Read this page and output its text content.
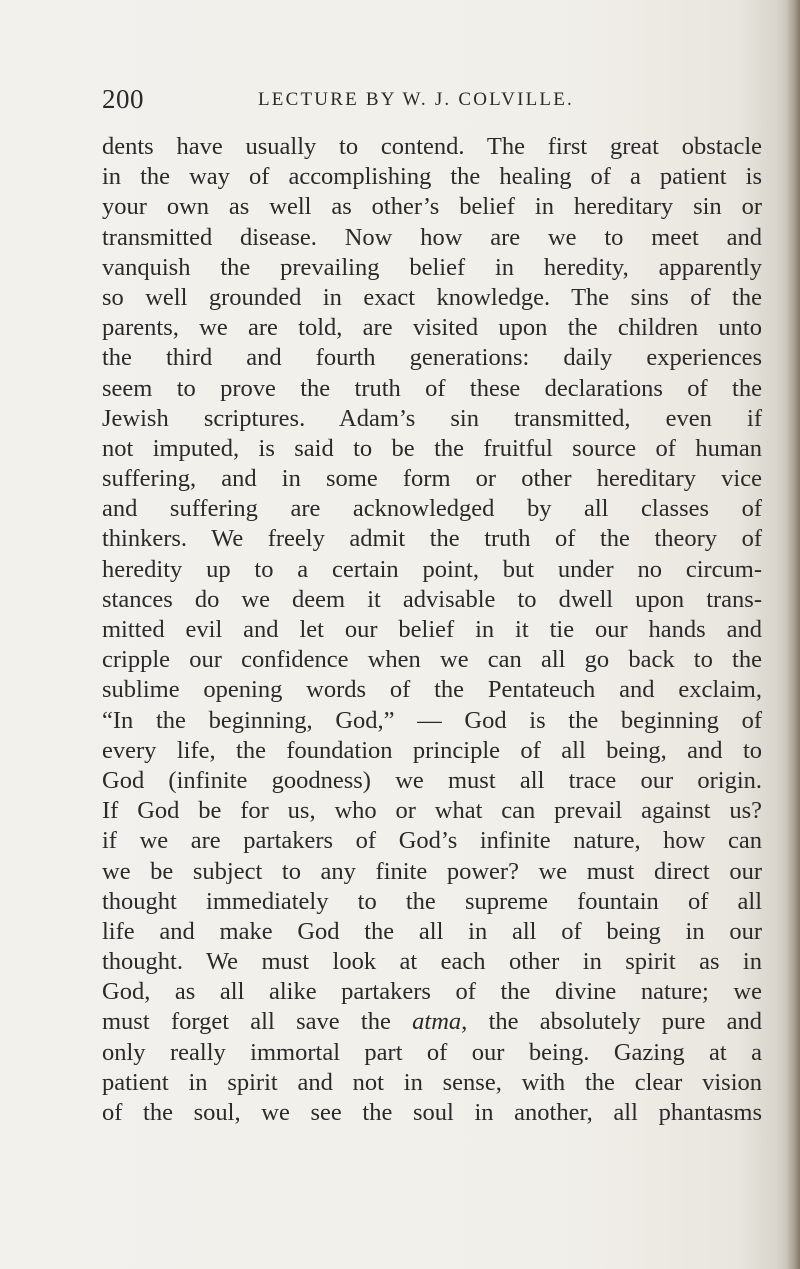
200	LECTURE BY W. J. COLVILLE.
dents have usually to contend. The first great obstacle
in the way of accomplishing the healing of a patient is
your own as well as other’s belief in hereditary sin or
transmitted disease. Now how are we to meet and
vanquish the prevailing belief in heredity, apparently
so well grounded in exact knowledge. The sins of the
parents, we are told, are visited upon the children unto
the third and fourth generations: daily experiences
seem to prove the truth of these declarations of the
Jewish scriptures. Adam’s sin transmitted, even if
not imputed, is said to be the fruitful source of human
suffering, and in some form or other hereditary vice
and suffering are acknowledged by all classes of
thinkers. We freely admit the truth of the theory of
heredity up to a certain point, but under no circum-
stances do we deem it advisable to dwell upon trans-
mitted evil and let our belief in it tie our hands and
cripple our confidence when we can all go back to the
sublime opening words of the Pentateuch and exclaim,
“In the beginning, God,” — God is the beginning of
every life, the foundation principle of all being, and to
God (infinite goodness) we must all trace our origin.
If God be for us, who or what can prevail against us?
if we are partakers of God’s infinite nature, how can
we be subject to any finite power? we must direct our
thought immediately to the supreme fountain of all
life and make God the all in all of being in our
thought. We must look at each other in spirit as in
God, as all alike partakers of the divine nature; we
must forget all save the atma, the absolutely pure and
only really immortal part of our being. Gazing at a
patient in spirit and not in sense, with the clear vision
of the soul, we see the soul in another, all phantasms
